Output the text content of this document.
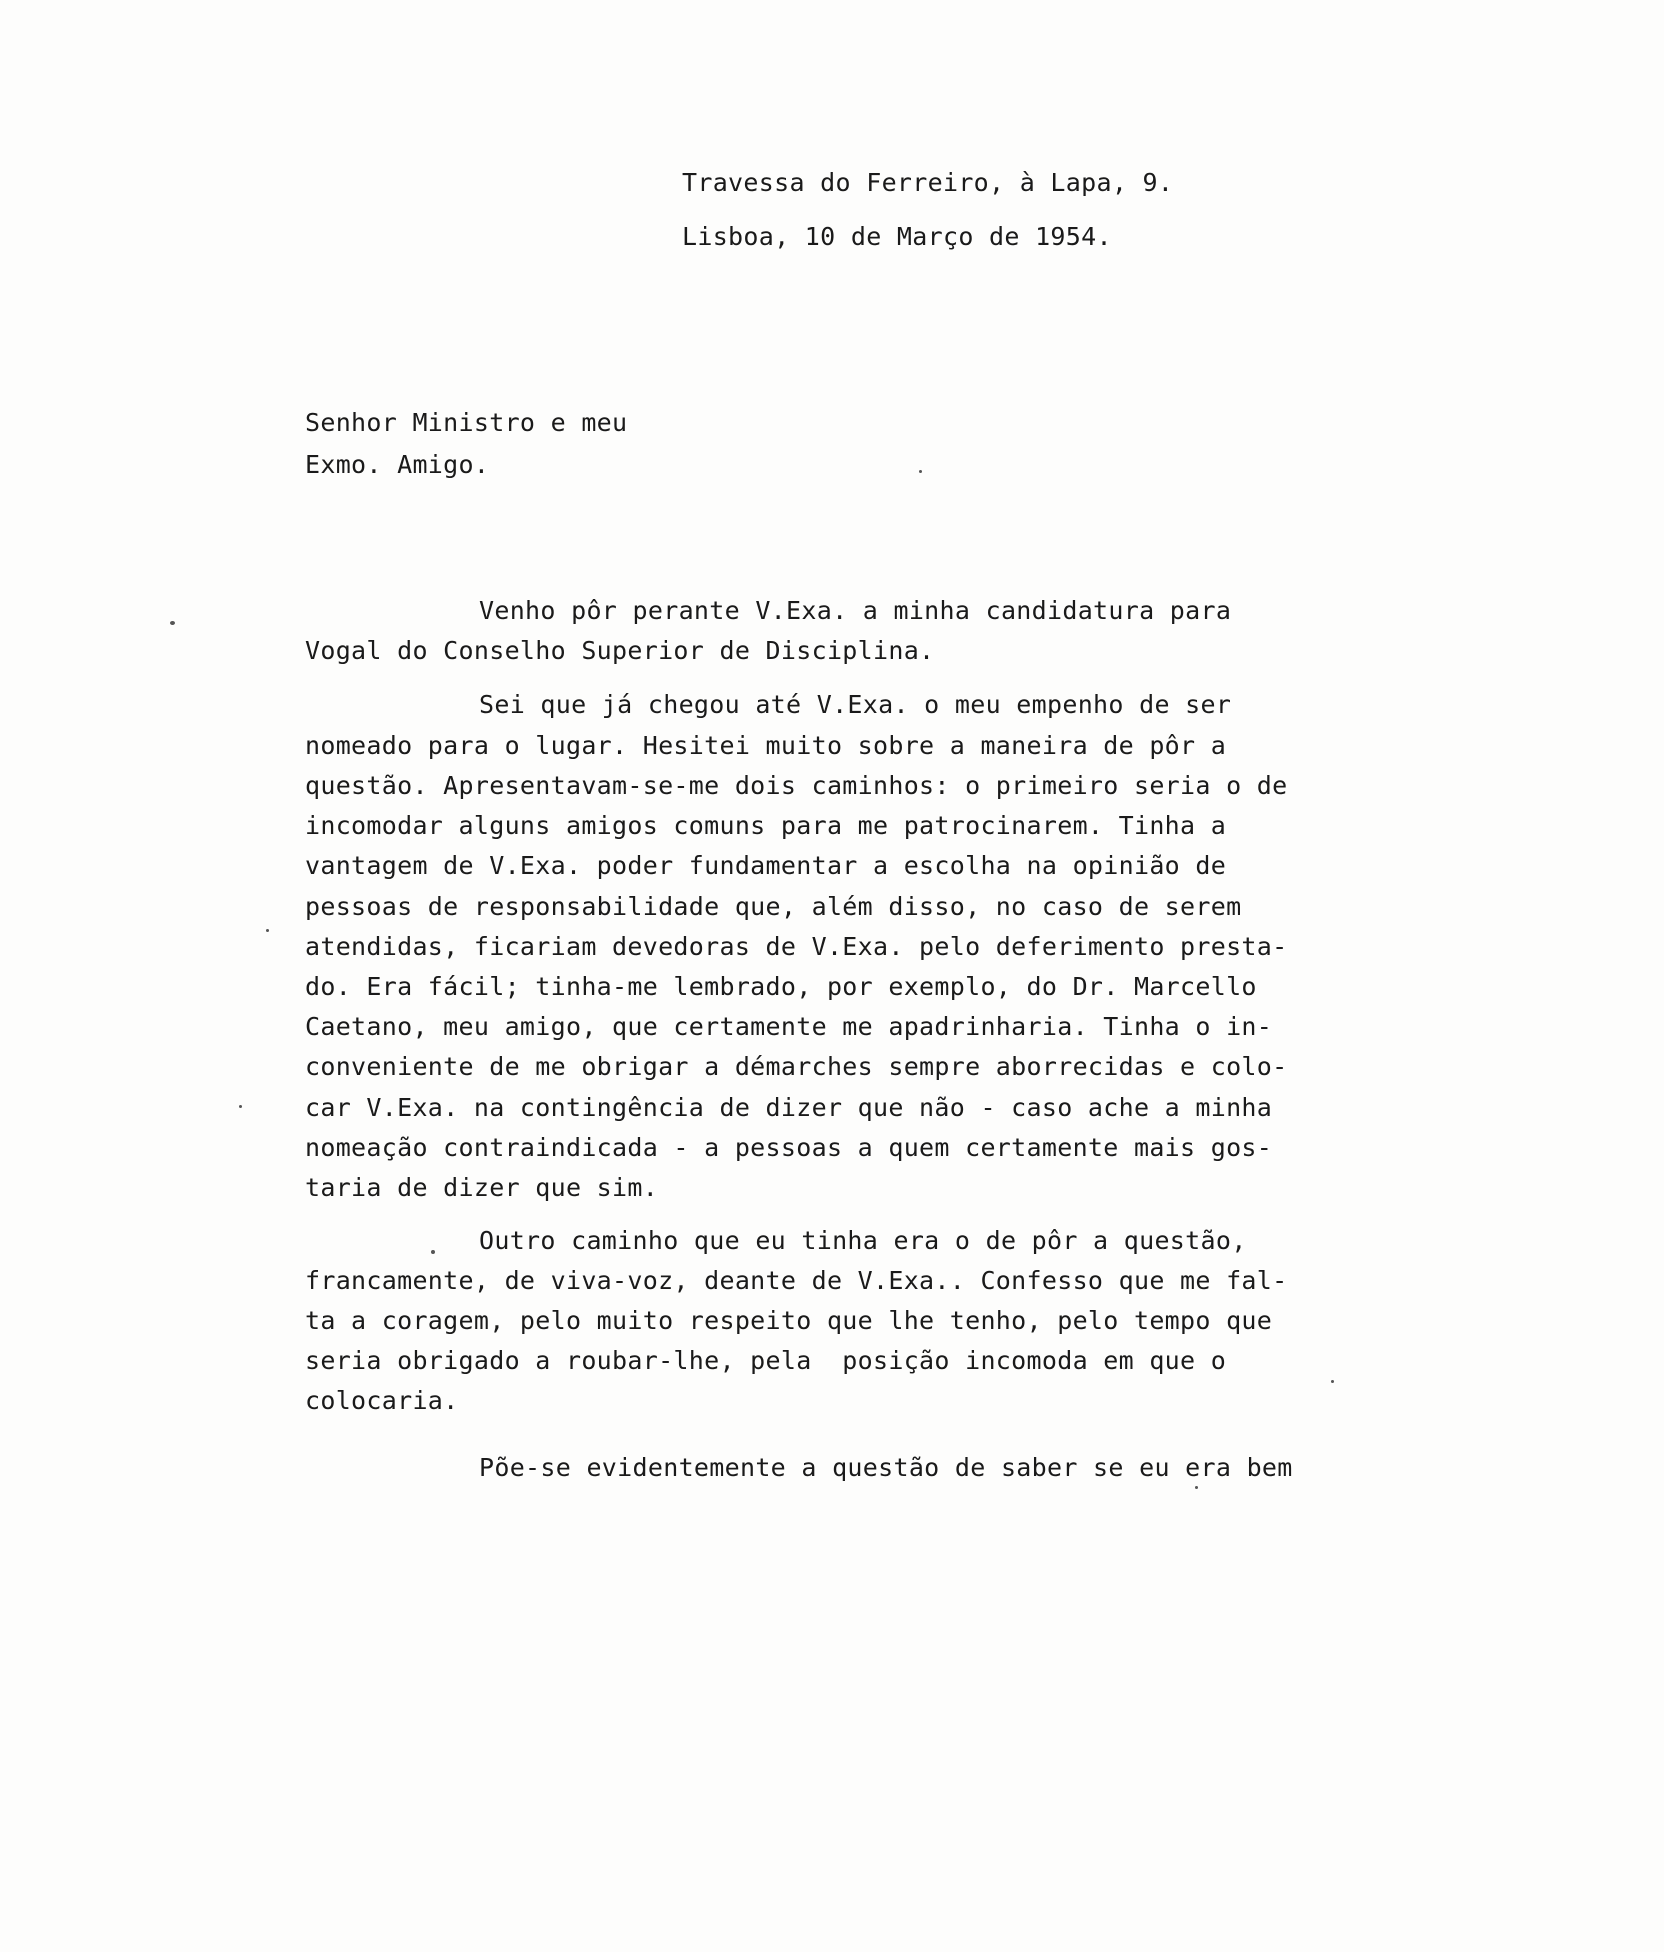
Travessa do Ferreiro, à Lapa, 9.
Lisboa, 10 de Março de 1954.
Senhor Ministro e meu
Exmo. Amigo.
Venho pôr perante V.Exa. a minha candidatura para
Vogal do Conselho Superior de Disciplina.
Sei que já chegou até V.Exa. o meu empenho de ser
nomeado para o lugar. Hesitei muito sobre a maneira de pôr a
questão. Apresentavam-se-me dois caminhos: o primeiro seria o de
incomodar alguns amigos comuns para me patrocinarem. Tinha a
vantagem de V.Exa. poder fundamentar a escolha na opinião de
pessoas de responsabilidade que, além disso, no caso de serem
atendidas, ficariam devedoras de V.Exa. pelo deferimento presta-
do. Era fácil; tinha-me lembrado, por exemplo, do Dr. Marcello
Caetano, meu amigo, que certamente me apadrinharia. Tinha o in-
conveniente de me obrigar a démarches sempre aborrecidas e colo-
car V.Exa. na contingência de dizer que não - caso ache a minha
nomeação contraindicada - a pessoas a quem certamente mais gos-
taria de dizer que sim.
Outro caminho que eu tinha era o de pôr a questão,
francamente, de viva-voz, deante de V.Exa.. Confesso que me fal-
ta a coragem, pelo muito respeito que lhe tenho, pelo tempo que
seria obrigado a roubar-lhe, pela  posição incomoda em que o
colocaria.
Põe-se evidentemente a questão de saber se eu era bem
